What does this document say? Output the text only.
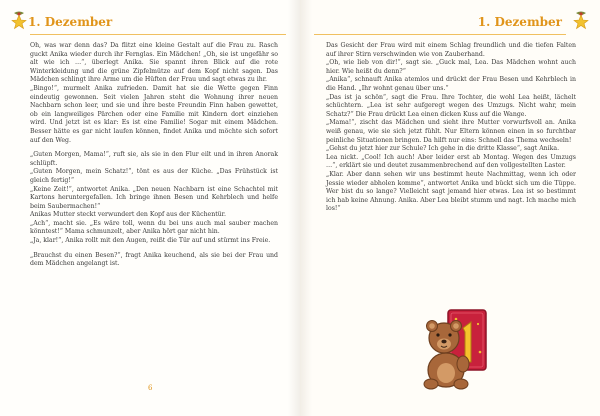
1. Dezember

Oh, was war denn das? Da flitzt eine kleine Gestalt auf die Frau zu. Rasch guckt Anika wieder durch ihr Fernglas. Ein Mädchen! „Oh, sie ist ungefähr so alt wie ich …“, überlegt Anika. Sie spannt ihren Blick auf die rote Winterkleidung und die grüne Zipfelmütze auf dem Kopf nicht sagen. Das Mädchen schlingt ihre Arme um die Hüften der Frau und sagt etwas zu ihr.

„Bingo!“, murmelt Anika zufrieden. Damit hat sie die Wette gegen Finn eindeutig gewonnen. Seit vielen Jahren steht die Wohnung ihrer neuen Nachbarn schon leer, und sie und ihre beste Freundin Finn haben gewettet, ob ein langweiliges Pärchen oder eine Familie mit Kindern dort einziehen wird. Und jetzt ist es klar: Es ist eine Familie! Sogar mit einem Mädchen. Besser hätte es gar nicht laufen können, findet Anika und möchte sich sofort auf den Weg.

„Guten Morgen, Mama!“, ruft sie, als sie in den Flur eilt und in ihren Anorak schlüpft.

„Guten Morgen, mein Schatz!“, tönt es aus der Küche. „Das Frühstück ist gleich fertig!“

„Keine Zeit!“, antwortet Anika. „Den neuen Nachbarn ist eine Schachtel mit Kartons heruntergefallen. Ich bringe ihnen Besen und Kehrblech und helfe beim Saubermachen!“

Anikas Mutter steckt verwundert den Kopf aus der Küchentür.

„Ach“, macht sie. „Es wäre toll, wenn du bei uns auch mal sauber machen könntest!“ Mama schmunzelt, aber Anika hört gar nicht hin.

„Ja, klar!“, Anika rollt mit den Augen, reißt die Tür auf und stürmt ins Freie.

„Brauchst du einen Besen?“, fragt Anika keuchend, als sie bei der Frau und dem Mädchen angelangt ist.

6
1. Dezember

Das Gesicht der Frau wird mit einem Schlag freundlich und die tiefen Falten auf ihrer Stirn verschwinden wie von Zauberhand.

„Oh, wie lieb von dir!“, sagt sie. „Guck mal, Lea. Das Mädchen wohnt auch hier. Wie heißt du denn?“

„Anika“, schnauft Anika atemlos und drückt der Frau Besen und Kehrblech in die Hand. „Ihr wohnt genau über uns.“

„Das ist ja schön“, sagt die Frau. Ihre Tochter, die wohl Lea heißt, lächelt schüchtern. „Lea ist sehr aufgeregt wegen des Umzugs. Nicht wahr, mein Schatz?“ Die Frau drückt Lea einen dicken Kuss auf die Wange.

„Mama!“, zischt das Mädchen und sieht ihre Mutter vorwurfsvoll an. Anika weiß genau, wie sie sich jetzt fühlt. Nur Eltern können einen in so furchtbar peinliche Situationen bringen. Da hilft nur eins: Schnell das Thema wechseln!

„Gehst du jetzt hier zur Schule? Ich gehe in die dritte Klasse“, sagt Anika.

Lea nickt. „Cool! Ich auch! Aber leider erst ab Montag. Wegen des Umzugs …“, erklärt sie und deutet zusammenbrechend auf den vollgestellten Laster.

„Klar. Aber dann sehen wir uns bestimmt heute Nachmittag, wenn ich oder Jessie wieder abholen komme“, antwortet Anika und bückt sich um die Tüppe. Wer bist du so lange? Vielleicht sagt jemand hier etwas. Lea ist so bestimmt ich hab keine Ahnung. Anika. Aber Lea bleibt stumm und nagt. Ich mache mich los!“
